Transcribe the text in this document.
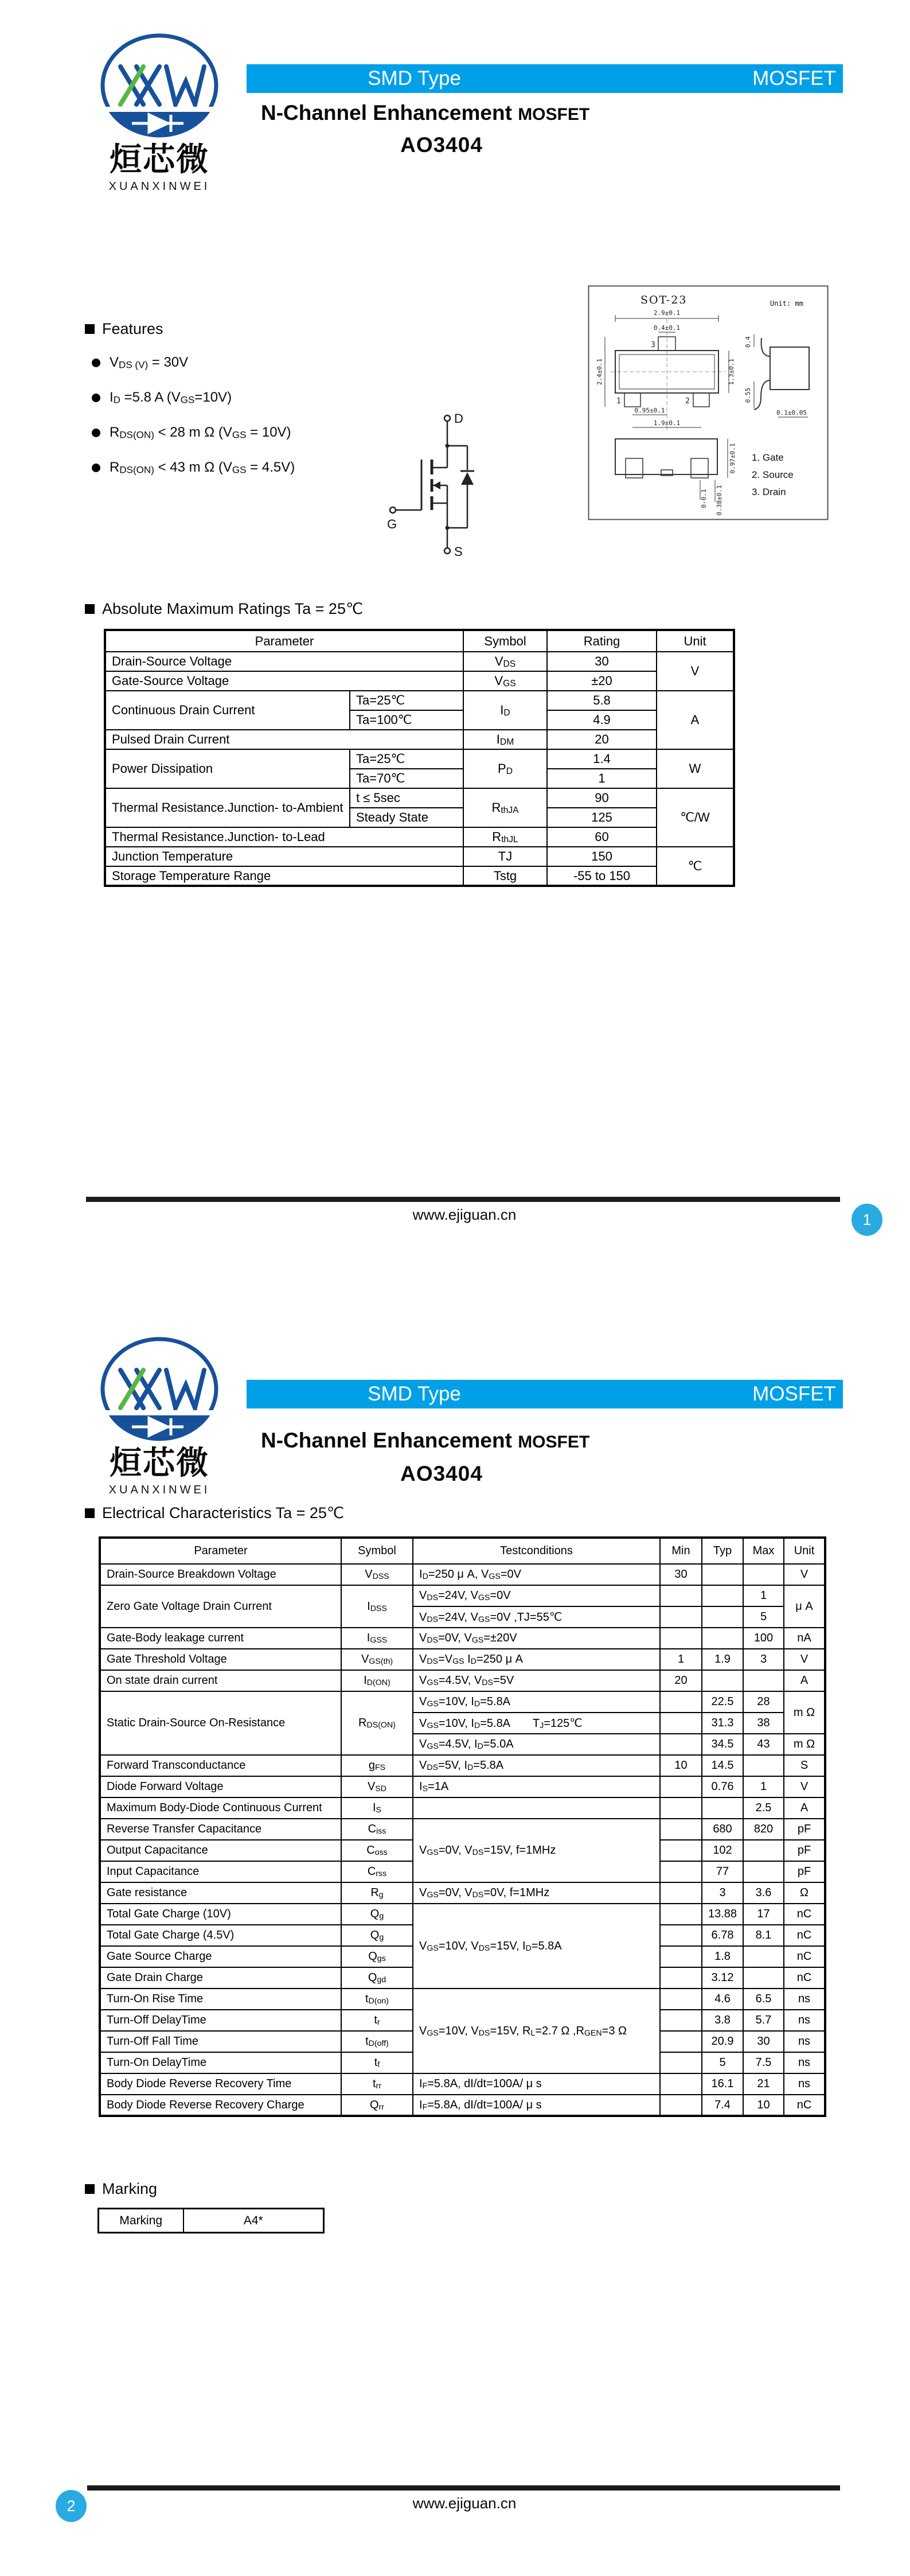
烜芯微
XUANXINWEI
SMD Type	MOSFET
N-Channel Enhancement MOSFET
AO3404
Features
$V_{DS (V)} = 30V$
$I_D =5.8$ A $(V_{GS}=10V)$
$R_{DS(ON)} < 28$ m Ω $(V_{GS} = 10V)$
$R_{DS(ON)} < 43$ m Ω $(V_{GS} = 4.5V)$
D
G
S
SOT-23	Unit: mm
2.9±0.1
0.4±0.1
2.4±0.1	1.3±0.1
0.95±0.1
1.9±0.1
3
1	2
0.4
0.55
0.1±0.05
0.97±0.1
0-0.1 0.38±0.1
1. Gate
2. Source
3. Drain
Absolute Maximum Ratings Ta = 25℃
Parameter		Symbol	Rating	Unit
Drain-Source Voltage		$V_{DS}$	30	V
Gate-Source Voltage		$V_{GS}$	±20	
Continuous Drain Current	Ta=25℃	$I_D$	5.8	A
	Ta=100℃		4.9	
Pulsed Drain Current		$I_{DM}$	20	
Power Dissipation	Ta=25℃	$P_D$	1.4	W
	Ta=70℃		1	
Thermal Resistance.Junction- to-Ambient	t ≤ 5sec	$R_{thJA}$	90	℃/W
	Steady State		125	
Thermal Resistance.Junction- to-Lead		$R_{thJL}$	60	
Junction Temperature		TJ	150	℃
Storage Temperature Range		Tstg	-55 to 150	
www.ejiguan.cn	1
烜芯微
XUANXINWEI
SMD Type	MOSFET
N-Channel Enhancement MOSFET
AO3404
Electrical Characteristics Ta = 25℃
Parameter	Symbol	Testconditions	Min	Typ	Max	Unit
Drain-Source Breakdown Voltage	$V_{DSS}$	$I_D=250$ μ A, $V_{GS}=0V$	30			V
Zero Gate Voltage Drain Current	$I_{DSS}$	$V_{DS}=24V$, $V_{GS}=0V$			1	μ A
		$V_{DS}=24V$, $V_{GS}=0V$ ,TJ=55℃			5	
Gate-Body leakage current	$I_{GSS}$	$V_{DS}=0V$, $V_{GS}=\pm 20V$			100	nA
Gate Threshold Voltage	$V_{GS(th)}$	$V_{DS}=V_{GS}$ $I_D=250$ μ A	1	1.9	3	V
On state drain current	$I_{D(ON)}$	$V_{GS}=4.5V$, $V_{DS}=5V$	20			A
Static Drain-Source On-Resistance	$R_{DS(ON)}$	$V_{GS}=10V$, $I_D=5.8A$		22.5	28	m Ω
		$V_{GS}=10V$, $I_D=5.8A$       $T_J=125℃$		31.3	38	
		$V_{GS}=4.5V$, $I_D=5.0A$		34.5	43	m Ω
Forward Transconductance	$g_{FS}$	$V_{DS}=5V$, $I_D=5.8A$	10	14.5		S
Diode Forward Voltage	$V_{SD}$	$I_S=1A$		0.76	1	V
Maximum Body-Diode Continuous Current	$I_S$				2.5	A
Reverse Transfer Capacitance	$C_{iss}$	$V_{GS}=0V$, $V_{DS}=15V$, f=1MHz		680	820	pF
Output Capacitance	$C_{oss}$			102		pF
Input Capacitance	$C_{rss}$			77		pF
Gate resistance	$R_g$	$V_{GS}=0V$, $V_{DS}=0V$, f=1MHz		3	3.6	Ω
Total Gate Charge (10V)	$Q_g$	$V_{GS}=10V$, $V_{DS}=15V$, $I_D=5.8A$		13.88	17	nC
Total Gate Charge (4.5V)	$Q_g$			6.78	8.1	nC
Gate Source Charge	$Q_{gs}$			1.8		nC
Gate Drain Charge	$Q_{gd}$			3.12		nC
Turn-On Rise Time	$t_{D(on)}$	$V_{GS}=10V$, $V_{DS}=15V$, $R_L=2.7$ Ω $,R_{GEN}=3$ Ω		4.6	6.5	ns
Turn-Off DelayTime	$t_r$			3.8	5.7	ns
Turn-Off Fall Time	$t_{D(off)}$			20.9	30	ns
Turn-On DelayTime	$t_f$			5	7.5	ns
Body Diode Reverse Recovery Time	$t_{rr}$	$I_F=5.8A$, dI/dt=100A/ μ s		16.1	21	ns
Body Diode Reverse Recovery Charge	$Q_{rr}$	$I_F=5.8A$, dI/dt=100A/ μ s		7.4	10	nC
Marking
Marking	A4*
www.ejiguan.cn
2
